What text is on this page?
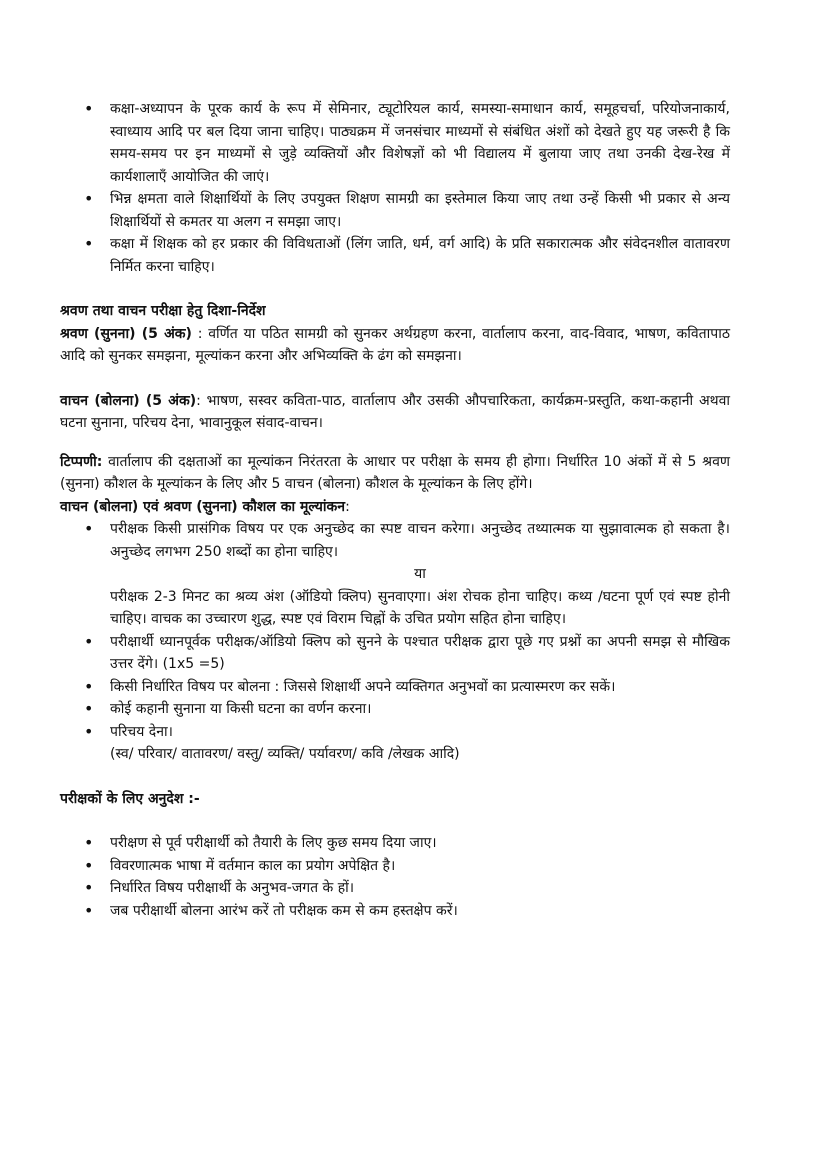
• कक्षा-अध्यापन के पूरक कार्य के रूप में सेमिनार, ट्यूटोरियल कार्य, समस्या-समाधान कार्य, समूहचर्चा, परियोजनाकार्य, स्वाध्याय आदि पर बल दिया जाना चाहिए। पाठ्यक्रम में जनसंचार माध्यमों से संबंधित अंशों को देखते हुए यह जरूरी है कि समय-समय पर इन माध्यमों से जुड़े व्यक्तियों और विशेषज्ञों को भी विद्यालय में बुलाया जाए तथा उनकी देख-रेख में कार्यशालाएँ आयोजित की जाएं।
• भिन्न क्षमता वाले शिक्षार्थियों के लिए उपयुक्त शिक्षण सामग्री का इस्तेमाल किया जाए तथा उन्हें किसी भी प्रकार से अन्य शिक्षार्थियों से कमतर या अलग न समझा जाए।
• कक्षा में शिक्षक को हर प्रकार की विविधताओं (लिंग जाति, धर्म, वर्ग आदि) के प्रति सकारात्मक और संवेदनशील वातावरण निर्मित करना चाहिए।
श्रवण तथा वाचन परीक्षा हेतु दिशा-निर्देश

श्रवण (सुनना) (5 अंक) : वर्णित या पठित सामग्री को सुनकर अर्थग्रहण करना, वार्तालाप करना, वाद-विवाद, भाषण, कवितापाठ आदि को सुनकर समझना, मूल्यांकन करना और अभिव्यक्ति के ढंग को समझना।

वाचन (बोलना) (5 अंक): भाषण, सस्वर कविता-पाठ, वार्तालाप और उसकी औपचारिकता, कार्यक्रम-प्रस्तुति, कथा-कहानी अथवा घटना सुनाना, परिचय देना, भावानुकूल संवाद-वाचन।

टिप्पणी: वार्तालाप की दक्षताओं का मूल्यांकन निरंतरता के आधार पर परीक्षा के समय ही होगा। निर्धारित 10 अंकों में से 5 श्रवण (सुनना) कौशल के मूल्यांकन के लिए और 5 वाचन (बोलना) कौशल के मूल्यांकन के लिए होंगे।

वाचन (बोलना) एवं श्रवण (सुनना) कौशल का मूल्यांकन:
• परीक्षक किसी प्रासंगिक विषय पर एक अनुच्छेद का स्पष्ट वाचन करेगा। अनुच्छेद तथ्यात्मक या सुझावात्मक हो सकता है। अनुच्छेद लगभग 250 शब्दों का होना चाहिए।
या
परीक्षक 2-3 मिनट का श्रव्य अंश (ऑडियो क्लिप) सुनवाएगा। अंश रोचक होना चाहिए। कथ्य /घटना पूर्ण एवं स्पष्ट होनी चाहिए। वाचक का उच्चारण शुद्ध, स्पष्ट एवं विराम चिह्नों के उचित प्रयोग सहित होना चाहिए।
• परीक्षार्थी ध्यानपूर्वक परीक्षक/ऑडियो क्लिप को सुनने के पश्चात परीक्षक द्वारा पूछे गए प्रश्नों का अपनी समझ से मौखिक उत्तर देंगे। (1x5 =5)
• किसी निर्धारित विषय पर बोलना : जिससे शिक्षार्थी अपने व्यक्तिगत अनुभवों का प्रत्यास्मरण कर सकें।
• कोई कहानी सुनाना या किसी घटना का वर्णन करना।
• परिचय देना।
(स्व/ परिवार/ वातावरण/ वस्तु/ व्यक्ति/ पर्यावरण/ कवि /लेखक आदि)
परीक्षकों के लिए अनुदेश :-
• परीक्षण से पूर्व परीक्षार्थी को तैयारी के लिए कुछ समय दिया जाए।
• विवरणात्मक भाषा में वर्तमान काल का प्रयोग अपेक्षित है।
• निर्धारित विषय परीक्षार्थी के अनुभव-जगत के हों।
• जब परीक्षार्थी बोलना आरंभ करें तो परीक्षक कम से कम हस्तक्षेप करें।
